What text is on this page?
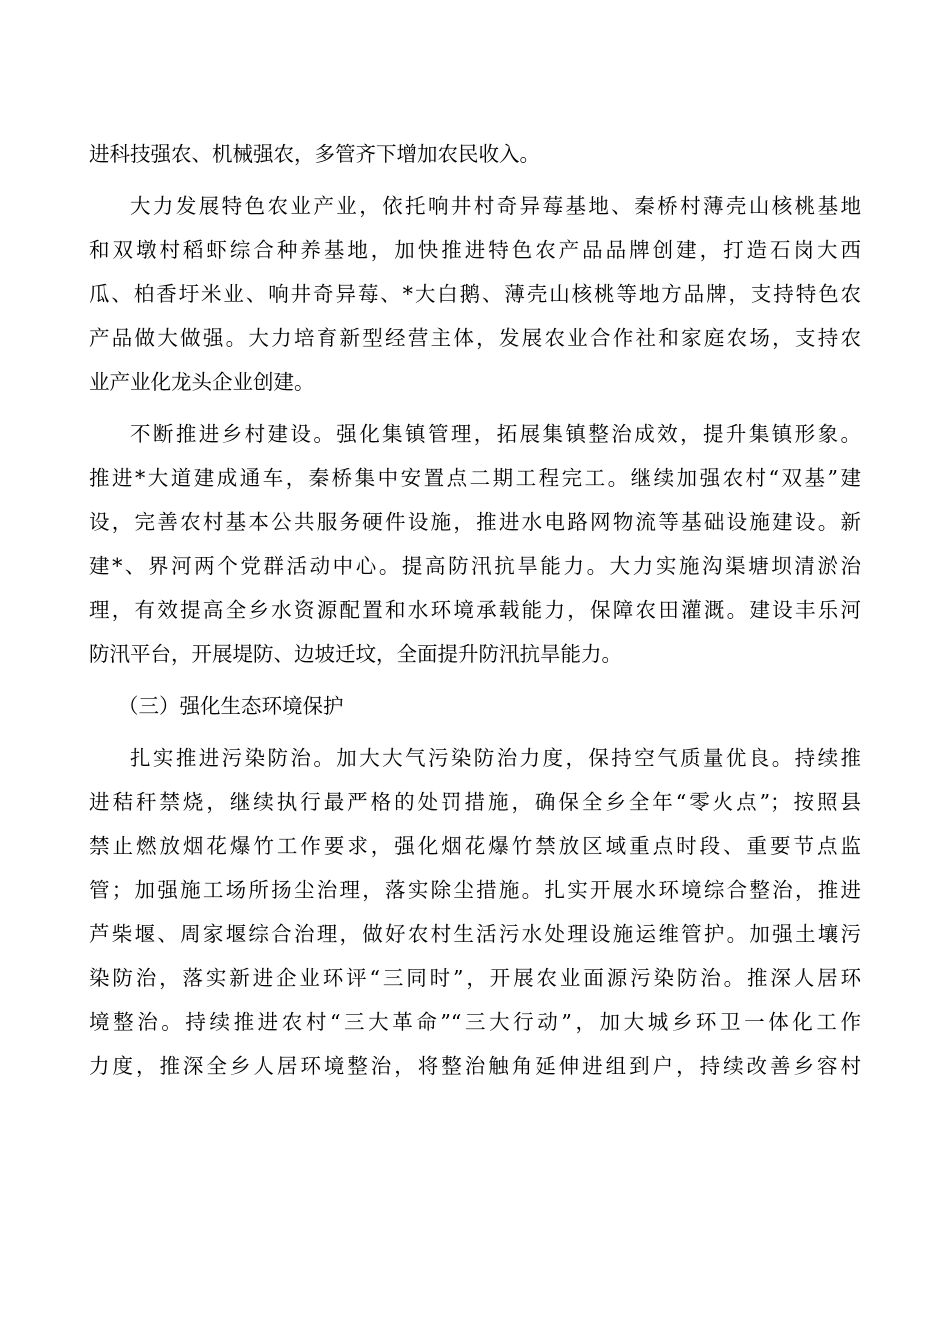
进科技强农、机械强农，多管齐下增加农民收入。
大力发展特色农业产业，依托响井村奇异莓基地、秦桥村薄壳山核桃基地
和双墩村稻虾综合种养基地，加快推进特色农产品品牌创建，打造石岗大西
瓜、柏香圩米业、响井奇异莓、*大白鹅、薄壳山核桃等地方品牌，支持特色农
产品做大做强。大力培育新型经营主体，发展农业合作社和家庭农场，支持农
业产业化龙头企业创建。
不断推进乡村建设。强化集镇管理，拓展集镇整治成效，提升集镇形象。
推进*大道建成通车，秦桥集中安置点二期工程完工。继续加强农村“双基”建
设，完善农村基本公共服务硬件设施，推进水电路网物流等基础设施建设。新
建*、界河两个党群活动中心。提高防汛抗旱能力。大力实施沟渠塘坝清淤治
理，有效提高全乡水资源配置和水环境承载能力，保障农田灌溉。建设丰乐河
防汛平台，开展堤防、边坡迁坟，全面提升防汛抗旱能力。
（三）强化生态环境保护
扎实推进污染防治。加大大气污染防治力度，保持空气质量优良。持续推
进秸秆禁烧，继续执行最严格的处罚措施，确保全乡全年“零火点”；按照县
禁止燃放烟花爆竹工作要求，强化烟花爆竹禁放区域重点时段、重要节点监
管；加强施工场所扬尘治理，落实除尘措施。扎实开展水环境综合整治，推进
芦柴堰、周家堰综合治理，做好农村生活污水处理设施运维管护。加强土壤污
染防治，落实新进企业环评“三同时”，开展农业面源污染防治。推深人居环
境整治。持续推进农村“三大革命”“三大行动”，加大城乡环卫一体化工作
力度，推深全乡人居环境整治，将整治触角延伸进组到户，持续改善乡容村
